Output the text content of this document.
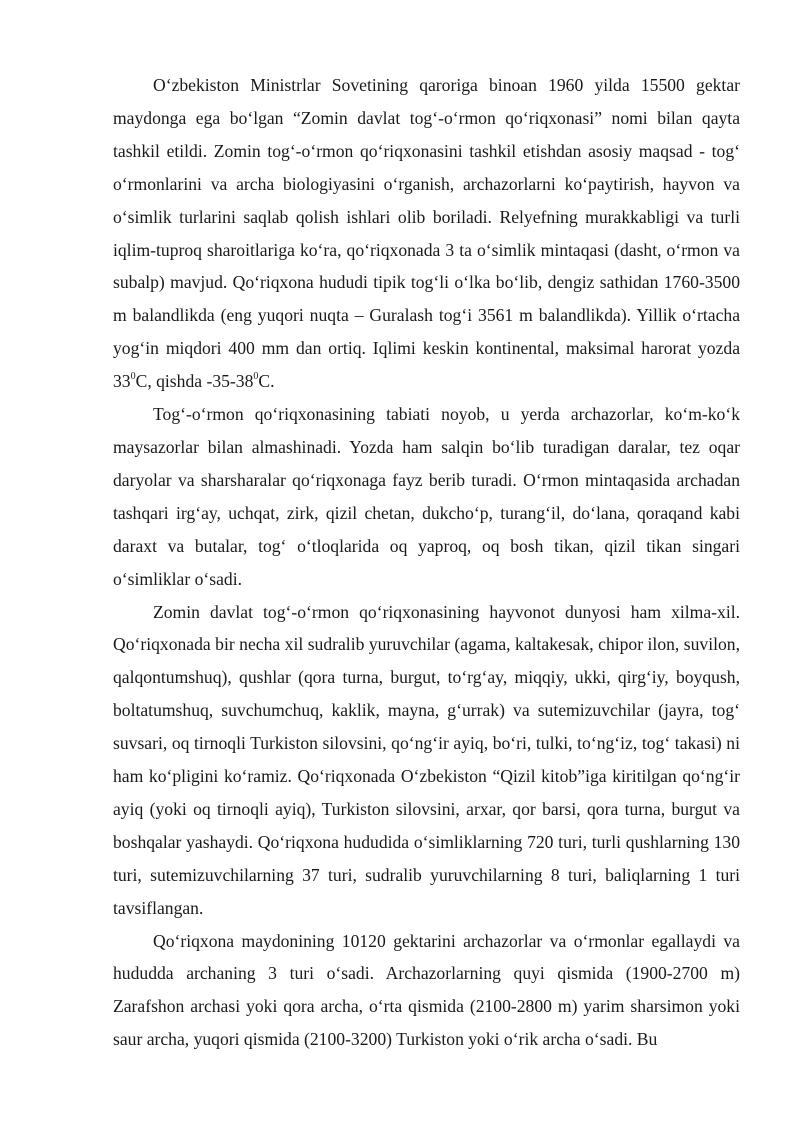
O‘zbekiston Ministrlar Sovetining qaroriga binoan 1960 yilda 15500 gektar maydonga ega bo‘lgan “Zomin davlat tog‘-o‘rmon qo‘riqxonasi” nomi bilan qayta tashkil etildi. Zomin tog‘-o‘rmon qo‘riqxonasini tashkil etishdan asosiy maqsad - tog‘ o‘rmonlarini va archa biologiyasini o‘rganish, archazorlarni ko‘paytirish, hayvon va o‘simlik turlarini saqlab qolish ishlari olib boriladi. Relyefning murakkabligi va turli iqlim-tuproq sharoitlariga ko‘ra, qo‘riqxonada 3 ta o‘simlik mintaqasi (dasht, o‘rmon va subalp) mavjud. Qo‘riqxona hududi tipik tog‘li o‘lka bo‘lib, dengiz sathidan 1760-3500 m balandlikda (eng yuqori nuqta – Guralash tog‘i 3561 m balandlikda). Yillik o‘rtacha yog‘in miqdori 400 mm dan ortiq. Iqlimi keskin kontinental, maksimal harorat yozda $33^0C$, qishda $-35-38^0C$.

Tog‘-o‘rmon qo‘riqxonasining tabiati noyob, u yerda archazorlar, ko‘m-ko‘k maysazorlar bilan almashinadi. Yozda ham salqin bo‘lib turadigan daralar, tez oqar daryolar va sharsharalar qo‘riqxonaga fayz berib turadi. O‘rmon mintaqasida archadan tashqari irg‘ay, uchqat, zirk, qizil chetan, dukcho‘p, turang‘il, do‘lana, qoraqand kabi daraxt va butalar, tog‘ o‘tloqlarida oq yaproq, oq bosh tikan, qizil tikan singari o‘simliklar o‘sadi.

Zomin davlat tog‘-o‘rmon qo‘riqxonasining hayvonot dunyosi ham xilma-xil. Qo‘riqxonada bir necha xil sudralib yuruvchilar (agama, kaltakesak, chipor ilon, suvilon, qalqontumshuq), qushlar (qora turna, burgut, to‘rg‘ay, miqqiy, ukki, qirg‘iy, boyqush, boltatumshuq, suvchumchuq, kaklik, mayna, g‘urrak) va sutemizuvchilar (jayra, tog‘ suvsari, oq tirnoqli Turkiston silovsini, qo‘ng‘ir ayiq, bo‘ri, tulki, to‘ng‘iz, tog‘ takasi) ni ham ko‘pligini ko‘ramiz. Qo‘riqxonada O‘zbekiston “Qizil kitob”iga kiritilgan qo‘ng‘ir ayiq (yoki oq tirnoqli ayiq), Turkiston silovsini, arxar, qor barsi, qora turna, burgut va boshqalar yashaydi. Qo‘riqxona hududida o‘simliklarning 720 turi, turli qushlarning 130 turi, sutemizuvchilarning 37 turi, sudralib yuruvchilarning 8 turi, baliqlarning 1 turi tavsiflangan.

Qo‘riqxona maydonining 10120 gektarini archazorlar va o‘rmonlar egallaydi va hududda archaning 3 turi o‘sadi. Archazorlarning quyi qismida (1900-2700 m) Zarafshon archasi yoki qora archa, o‘rta qismida (2100-2800 m) yarim sharsimon yoki saur archa, yuqori qismida (2100-3200) Turkiston yoki o‘rik archa o‘sadi. Bu
